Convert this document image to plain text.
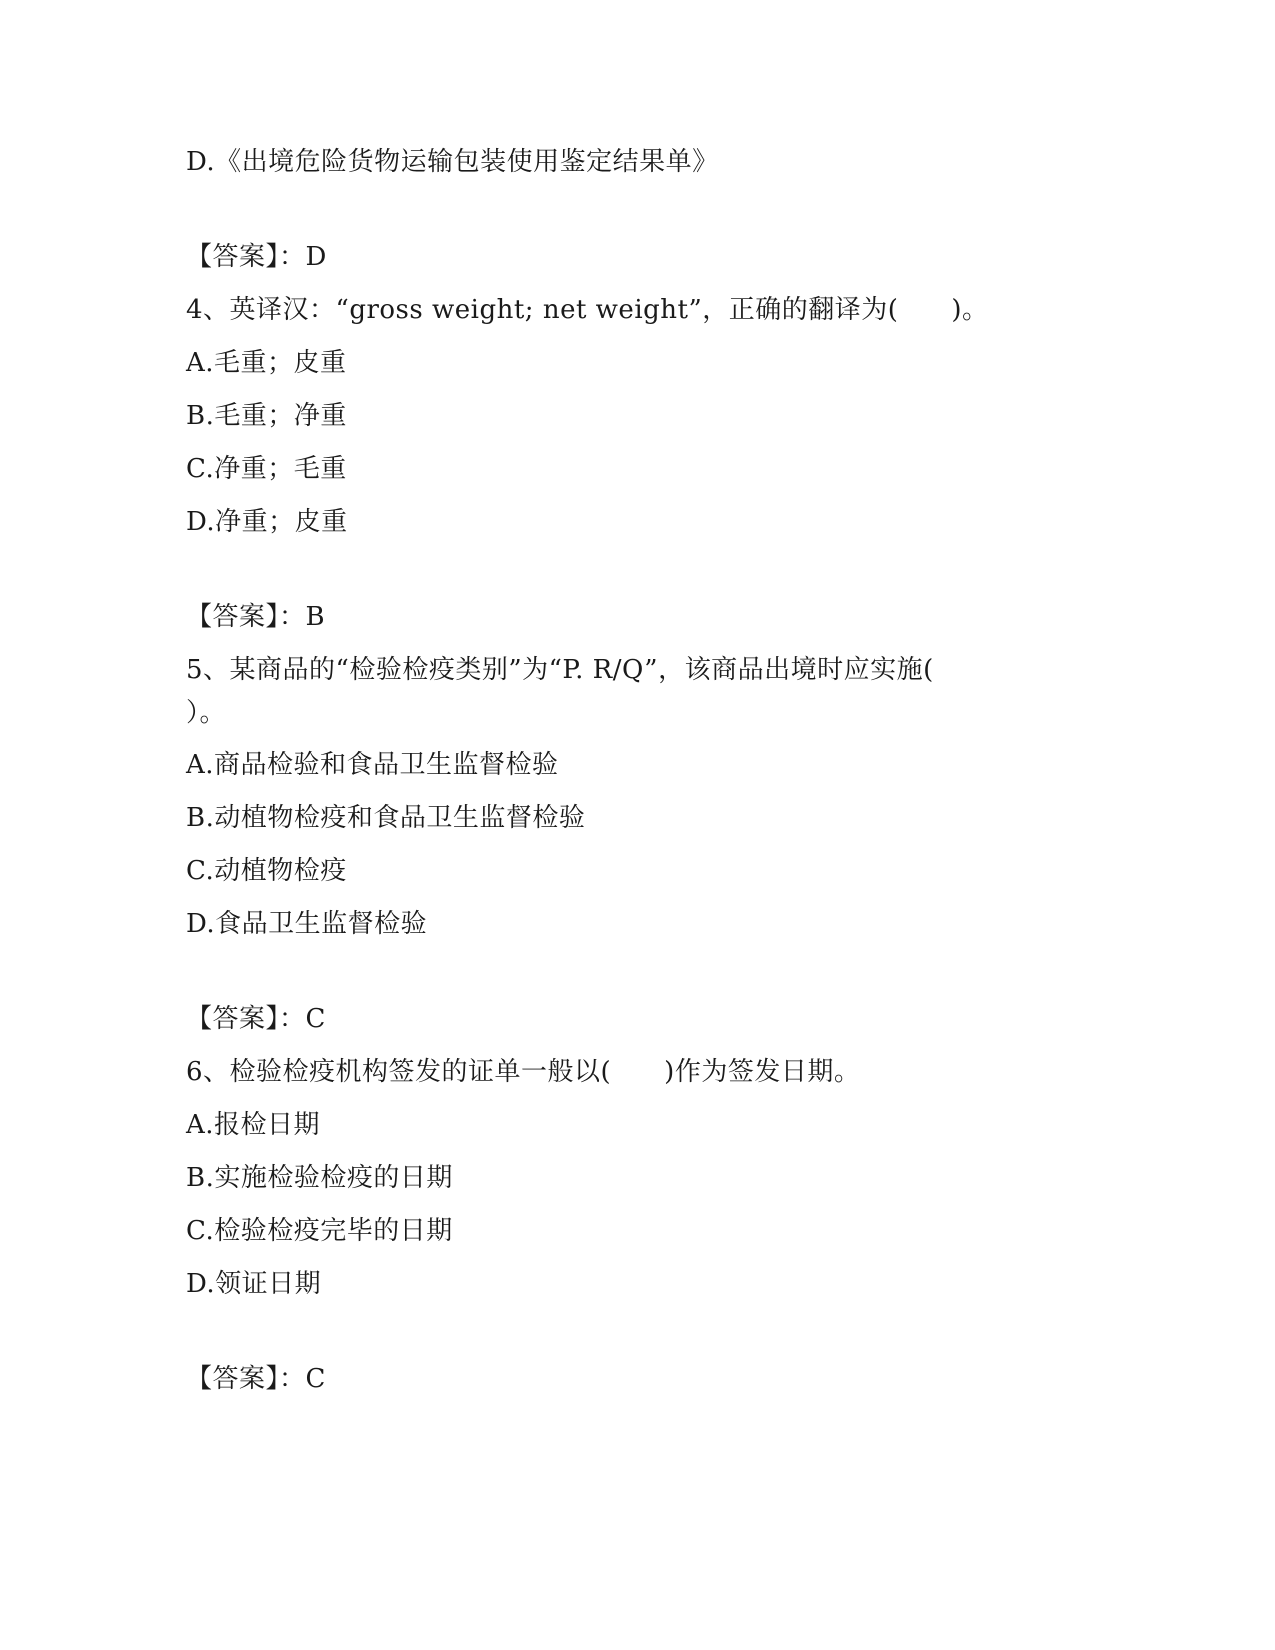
D.《出境危险货物运输包装使用鉴定结果单》
【答案】：D
4、英译汉：“gross weight; net weight”，正确的翻译为(　　)。
A.毛重；皮重
B.毛重；净重
C.净重；毛重
D.净重；皮重
【答案】：B
5、某商品的“检验检疫类别”为“P. R/Q”，该商品出境时应实施(
）。
A.商品检验和食品卫生监督检验
B.动植物检疫和食品卫生监督检验
C.动植物检疫
D.食品卫生监督检验
【答案】：C
6、检验检疫机构签发的证单一般以(　　)作为签发日期。
A.报检日期
B.实施检验检疫的日期
C.检验检疫完毕的日期
D.领证日期
【答案】：C
